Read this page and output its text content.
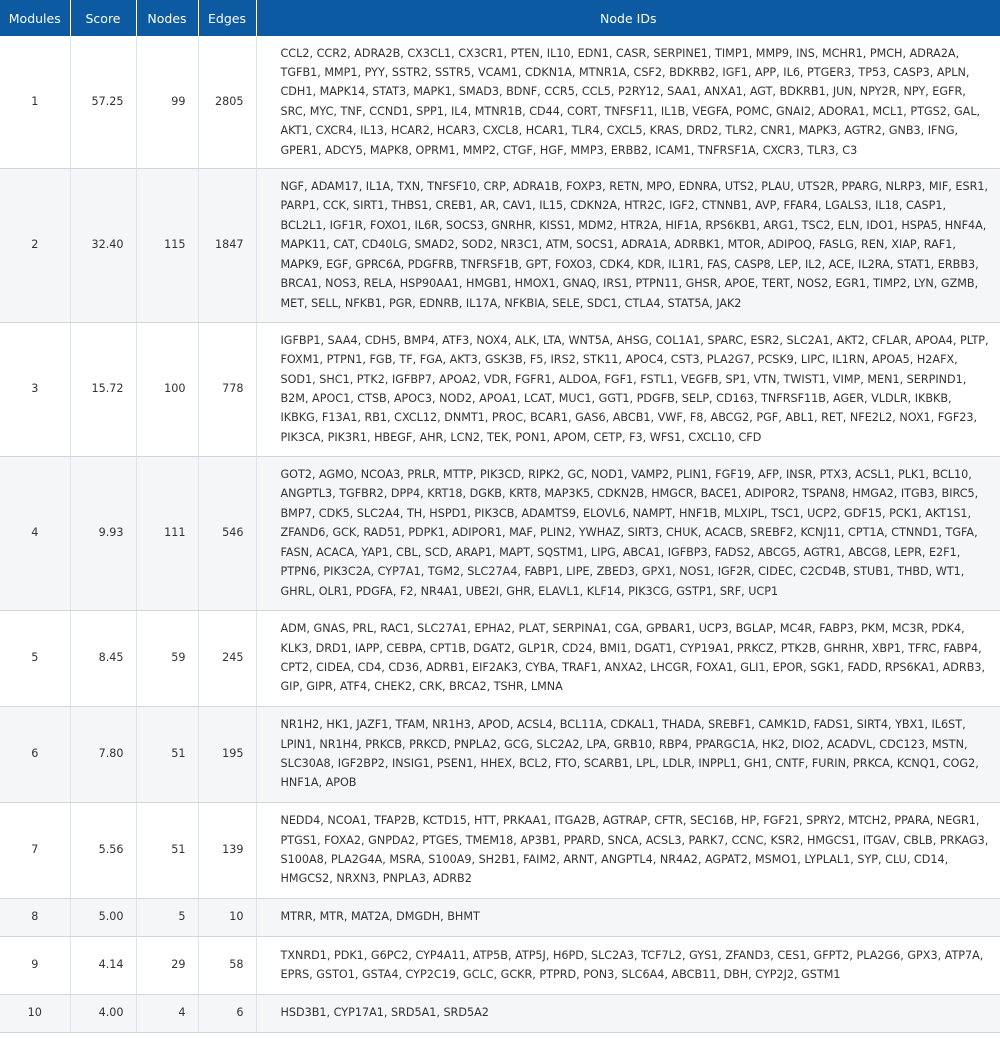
Modules	Score	Nodes	Edges	Node IDs
1	57.25	99	2805	CCL2, CCR2, ADRA2B, CX3CL1, CX3CR1, PTEN, IL10, EDN1, CASR, SERPINE1, TIMP1, MMP9, INS, MCHR1, PMCH, ADRA2A, TGFB1, MMP1, PYY, SSTR2, SSTR5, VCAM1, CDKN1A, MTNR1A, CSF2, BDKRB2, IGF1, APP, IL6, PTGER3, TP53, CASP3, APLN, CDH1, MAPK14, STAT3, MAPK1, SMAD3, BDNF, CCR5, CCL5, P2RY12, SAA1, ANXA1, AGT, BDKRB1, JUN, NPY2R, NPY, EGFR, SRC, MYC, TNF, CCND1, SPP1, IL4, MTNR1B, CD44, CORT, TNFSF11, IL1B, VEGFA, POMC, GNAI2, ADORA1, MCL1, PTGS2, GAL, AKT1, CXCR4, IL13, HCAR2, HCAR3, CXCL8, HCAR1, TLR4, CXCL5, KRAS, DRD2, TLR2, CNR1, MAPK3, AGTR2, GNB3, IFNG, GPER1, ADCY5, MAPK8, OPRM1, MMP2, CTGF, HGF, MMP3, ERBB2, ICAM1, TNFRSF1A, CXCR3, TLR3, C3
2	32.40	115	1847	NGF, ADAM17, IL1A, TXN, TNFSF10, CRP, ADRA1B, FOXP3, RETN, MPO, EDNRA, UTS2, PLAU, UTS2R, PPARG, NLRP3, MIF, ESR1, PARP1, CCK, SIRT1, THBS1, CREB1, AR, CAV1, IL15, CDKN2A, HTR2C, IGF2, CTNNB1, AVP, FFAR4, LGALS3, IL18, CASP1, BCL2L1, IGF1R, FOXO1, IL6R, SOCS3, GNRHR, KISS1, MDM2, HTR2A, HIF1A, RPS6KB1, ARG1, TSC2, ELN, IDO1, HSPA5, HNF4A, MAPK11, CAT, CD40LG, SMAD2, SOD2, NR3C1, ATM, SOCS1, ADRA1A, ADRBK1, MTOR, ADIPOQ, FASLG, REN, XIAP, RAF1, MAPK9, EGF, GPRC6A, PDGFRB, TNFRSF1B, GPT, FOXO3, CDK4, KDR, IL1R1, FAS, CASP8, LEP, IL2, ACE, IL2RA, STAT1, ERBB3, BRCA1, NOS3, RELA, HSP90AA1, HMGB1, HMOX1, GNAQ, IRS1, PTPN11, GHSR, APOE, TERT, NOS2, EGR1, TIMP2, LYN, GZMB, MET, SELL, NFKB1, PGR, EDNRB, IL17A, NFKBIA, SELE, SDC1, CTLA4, STAT5A, JAK2
3	15.72	100	778	IGFBP1, SAA4, CDH5, BMP4, ATF3, NOX4, ALK, LTA, WNT5A, AHSG, COL1A1, SPARC, ESR2, SLC2A1, AKT2, CFLAR, APOA4, PLTP, FOXM1, PTPN1, FGB, TF, FGA, AKT3, GSK3B, F5, IRS2, STK11, APOC4, CST3, PLA2G7, PCSK9, LIPC, IL1RN, APOA5, H2AFX, SOD1, SHC1, PTK2, IGFBP7, APOA2, VDR, FGFR1, ALDOA, FGF1, FSTL1, VEGFB, SP1, VTN, TWIST1, VIMP, MEN1, SERPIND1, B2M, APOC1, CTSB, APOC3, NOD2, APOA1, LCAT, MUC1, GGT1, PDGFB, SELP, CD163, TNFRSF11B, AGER, VLDLR, IKBKB, IKBKG, F13A1, RB1, CXCL12, DNMT1, PROC, BCAR1, GAS6, ABCB1, VWF, F8, ABCG2, PGF, ABL1, RET, NFE2L2, NOX1, FGF23, PIK3CA, PIK3R1, HBEGF, AHR, LCN2, TEK, PON1, APOM, CETP, F3, WFS1, CXCL10, CFD
4	9.93	111	546	GOT2, AGMO, NCOA3, PRLR, MTTP, PIK3CD, RIPK2, GC, NOD1, VAMP2, PLIN1, FGF19, AFP, INSR, PTX3, ACSL1, PLK1, BCL10, ANGPTL3, TGFBR2, DPP4, KRT18, DGKB, KRT8, MAP3K5, CDKN2B, HMGCR, BACE1, ADIPOR2, TSPAN8, HMGA2, ITGB3, BIRC5, BMP7, CDK5, SLC2A4, TH, HSPD1, PIK3CB, ADAMTS9, ELOVL6, NAMPT, HNF1B, MLXIPL, TSC1, UCP2, GDF15, PCK1, AKT1S1, ZFAND6, GCK, RAD51, PDPK1, ADIPOR1, MAF, PLIN2, YWHAZ, SIRT3, CHUK, ACACB, SREBF2, KCNJ11, CPT1A, CTNND1, TGFA, FASN, ACACA, YAP1, CBL, SCD, ARAP1, MAPT, SQSTM1, LIPG, ABCA1, IGFBP3, FADS2, ABCG5, AGTR1, ABCG8, LEPR, E2F1, PTPN6, PIK3C2A, CYP7A1, TGM2, SLC27A4, FABP1, LIPE, ZBED3, GPX1, NOS1, IGF2R, CIDEC, C2CD4B, STUB1, THBD, WT1, GHRL, OLR1, PDGFA, F2, NR4A1, UBE2I, GHR, ELAVL1, KLF14, PIK3CG, GSTP1, SRF, UCP1
5	8.45	59	245	ADM, GNAS, PRL, RAC1, SLC27A1, EPHA2, PLAT, SERPINA1, CGA, GPBAR1, UCP3, BGLAP, MC4R, FABP3, PKM, MC3R, PDK4, KLK3, DRD1, IAPP, CEBPA, CPT1B, DGAT2, GLP1R, CD24, BMI1, DGAT1, CYP19A1, PRKCZ, PTK2B, GHRHR, XBP1, TFRC, FABP4, CPT2, CIDEA, CD4, CD36, ADRB1, EIF2AK3, CYBA, TRAF1, ANXA2, LHCGR, FOXA1, GLI1, EPOR, SGK1, FADD, RPS6KA1, ADRB3, GIP, GIPR, ATF4, CHEK2, CRK, BRCA2, TSHR, LMNA
6	7.80	51	195	NR1H2, HK1, JAZF1, TFAM, NR1H3, APOD, ACSL4, BCL11A, CDKAL1, THADA, SREBF1, CAMK1D, FADS1, SIRT4, YBX1, IL6ST, LPIN1, NR1H4, PRKCB, PRKCD, PNPLA2, GCG, SLC2A2, LPA, GRB10, RBP4, PPARGC1A, HK2, DIO2, ACADVL, CDC123, MSTN, SLC30A8, IGF2BP2, INSIG1, PSEN1, HHEX, BCL2, FTO, SCARB1, LPL, LDLR, INPPL1, GH1, CNTF, FURIN, PRKCA, KCNQ1, COG2, HNF1A, APOB
7	5.56	51	139	NEDD4, NCOA1, TFAP2B, KCTD15, HTT, PRKAA1, ITGA2B, AGTRAP, CFTR, SEC16B, HP, FGF21, SPRY2, MTCH2, PPARA, NEGR1, PTGS1, FOXA2, GNPDA2, PTGES, TMEM18, AP3B1, PPARD, SNCA, ACSL3, PARK7, CCNC, KSR2, HMGCS1, ITGAV, CBLB, PRKAG3, S100A8, PLA2G4A, MSRA, S100A9, SH2B1, FAIM2, ARNT, ANGPTL4, NR4A2, AGPAT2, MSMO1, LYPLAL1, SYP, CLU, CD14, HMGCS2, NRXN3, PNPLA3, ADRB2
8	5.00	5	10	MTRR, MTR, MAT2A, DMGDH, BHMT
9	4.14	29	58	TXNRD1, PDK1, G6PC2, CYP4A11, ATP5B, ATP5J, H6PD, SLC2A3, TCF7L2, GYS1, ZFAND3, CES1, GFPT2, PLA2G6, GPX3, ATP7A, EPRS, GSTO1, GSTA4, CYP2C19, GCLC, GCKR, PTPRD, PON3, SLC6A4, ABCB11, DBH, CYP2J2, GSTM1
10	4.00	4	6	HSD3B1, CYP17A1, SRD5A1, SRD5A2
